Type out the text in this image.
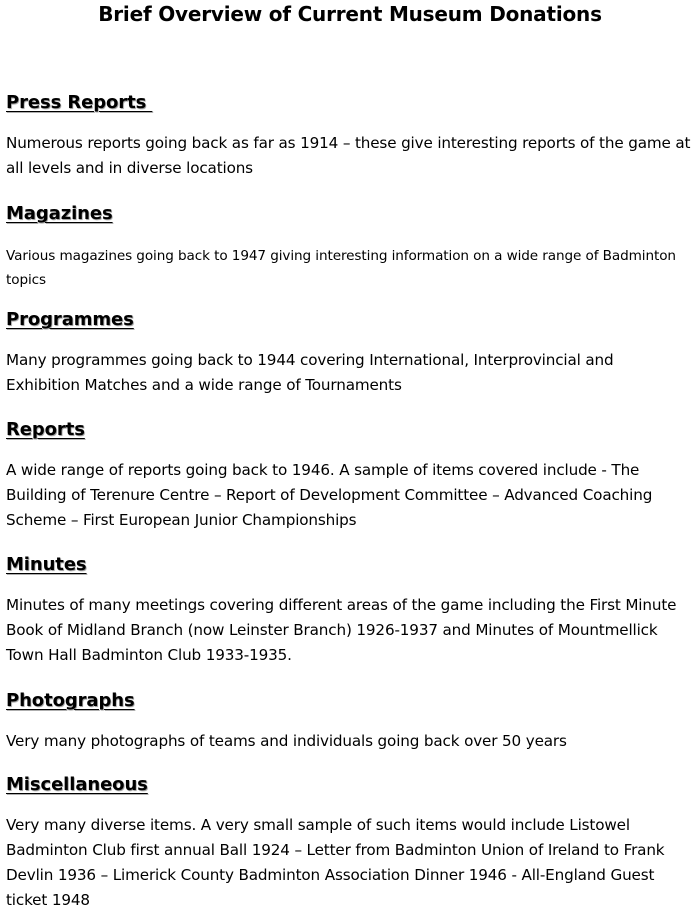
Brief Overview of Current Museum Donations
Press Reports

Numerous reports going back as far as 1914 – these give interesting reports of the game at all levels and in diverse locations

Magazines

Various magazines going back to 1947 giving interesting information on a wide range of Badminton topics

Programmes

Many programmes going back to 1944 covering International, Interprovincial and Exhibition Matches and a wide range of Tournaments

Reports

A wide range of reports going back to 1946. A sample of items covered include - The Building of Terenure Centre – Report of Development Committee – Advanced Coaching Scheme – First European Junior Championships

Minutes

Minutes of many meetings covering different areas of the game including the First Minute Book of Midland Branch (now Leinster Branch) 1926-1937 and Minutes of Mountmellick Town Hall Badminton Club 1933-1935.

Photographs

Very many photographs of teams and individuals going back over 50 years

Miscellaneous

Very many diverse items. A very small sample of such items would include Listowel Badminton Club first annual Ball 1924 – Letter from Badminton Union of Ireland to Frank Devlin 1936 – Limerick County Badminton Association Dinner 1946 - All-England Guest ticket 1948
